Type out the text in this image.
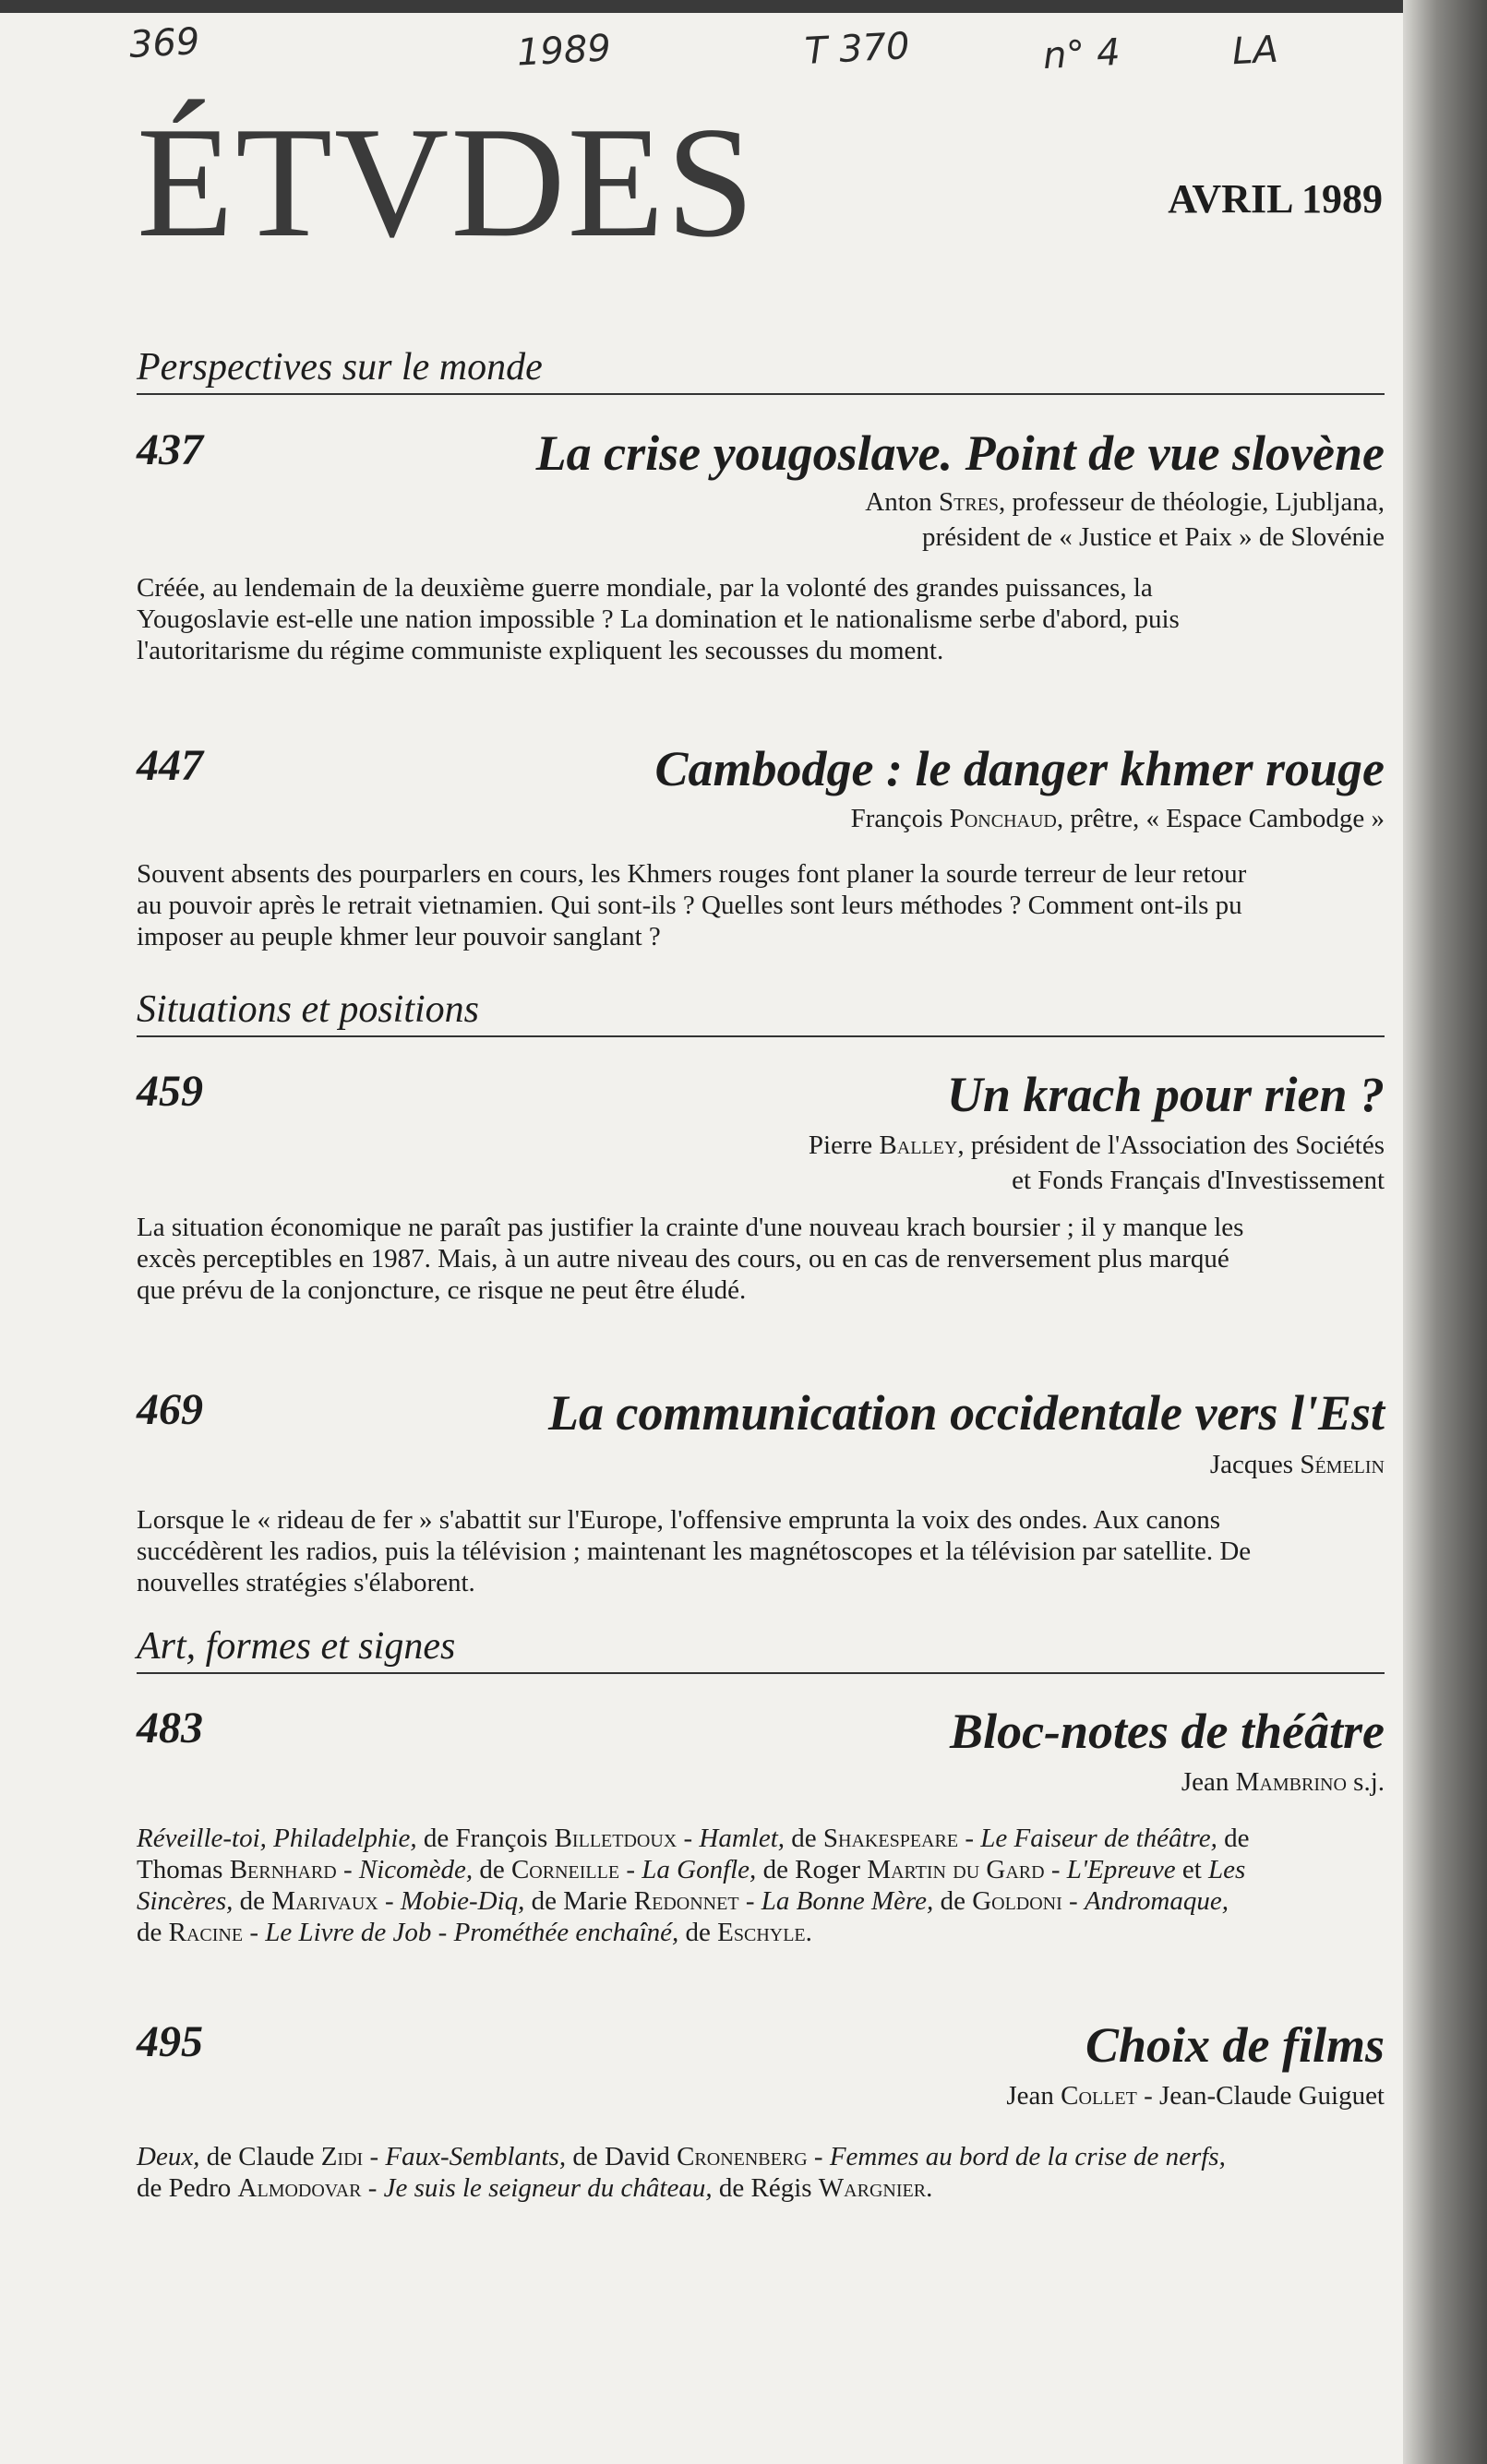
369	1989	T 370	n° 4	LA
ÉTVDES	AVRIL 1989
Perspectives sur le monde
437	La crise yougoslave. Point de vue slovène
Anton Stres, professeur de théologie, Ljubljana,
président de « Justice et Paix » de Slovénie
Créée, au lendemain de la deuxième guerre mondiale, par la volonté des grandes puissances, la Yougoslavie est-elle une nation impossible ? La domination et le nationalisme serbe d'abord, puis l'autoritarisme du régime communiste expliquent les secousses du moment.
447	Cambodge : le danger khmer rouge
François Ponchaud, prêtre, « Espace Cambodge »
Souvent absents des pourparlers en cours, les Khmers rouges font planer la sourde terreur de leur retour au pouvoir après le retrait vietnamien. Qui sont-ils ? Quelles sont leurs méthodes ? Comment ont-ils pu imposer au peuple khmer leur pouvoir sanglant ?
Situations et positions
459	Un krach pour rien ?
Pierre Balley, président de l'Association des Sociétés
et Fonds Français d'Investissement
La situation économique ne paraît pas justifier la crainte d'une nouveau krach boursier ; il y manque les excès perceptibles en 1987. Mais, à un autre niveau des cours, ou en cas de renversement plus marqué que prévu de la conjoncture, ce risque ne peut être éludé.
469	La communication occidentale vers l'Est
Jacques Sémelin
Lorsque le « rideau de fer » s'abattit sur l'Europe, l'offensive emprunta la voix des ondes. Aux canons succédèrent les radios, puis la télévision ; maintenant les magnétoscopes et la télévision par satellite. De nouvelles stratégies s'élaborent.
Art, formes et signes
483	Bloc-notes de théâtre
Jean Mambrino s.j.
Réveille-toi, Philadelphie, de François Billetdoux - Hamlet, de Shakespeare - Le Faiseur de théâtre, de Thomas Bernhard - Nicomède, de Corneille - La Gonfle, de Roger Martin du Gard - L'Epreuve et Les Sincères, de Marivaux - Mobie-Diq, de Marie Redonnet - La Bonne Mère, de Goldoni - Andromaque, de Racine - Le Livre de Job - Prométhée enchaîné, de Eschyle.
495	Choix de films
Jean Collet - Jean-Claude Guiguet
Deux, de Claude Zidi - Faux-Semblants, de David Cronenberg - Femmes au bord de la crise de nerfs, de Pedro Almodovar - Je suis le seigneur du château, de Régis Wargnier.
